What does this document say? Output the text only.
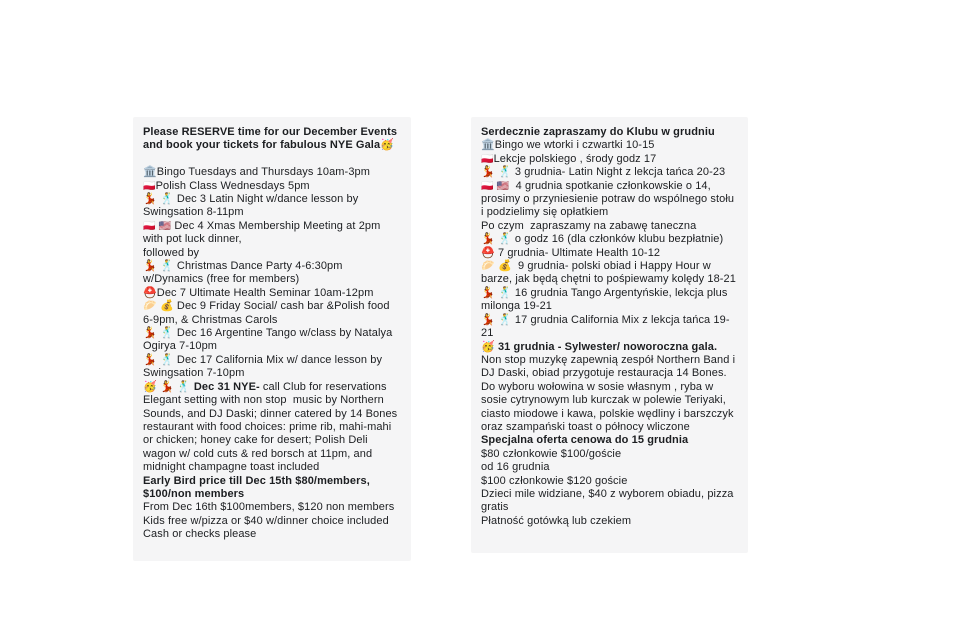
Please RESERVE time for our December Events and book your tickets for fabulous NYE Gala🥳
🏛️Bingo Tuesdays and Thursdays 10am-3pm
🇵🇱Polish Class Wednesdays 5pm
💃 🕺 Dec 3 Latin Night w/dance lesson by Swingsation 8-11pm
🇵🇱 🇺🇸 Dec 4 Xmas Membership Meeting at 2pm with pot luck dinner,
followed by
💃 🕺 Christmas Dance Party 4-6:30pm w/Dynamics (free for members)
⛑️Dec 7 Ultimate Health Seminar 10am-12pm
🥟 💰 Dec 9 Friday Social/ cash bar &Polish food 6-9pm, & Christmas Carols
💃 🕺 Dec 16 Argentine Tango w/class by Natalya Ogirya 7-10pm
💃 🕺 Dec 17 California Mix w/ dance lesson by Swingsation 7-10pm
🥳 💃 🕺 Dec 31 NYE- call Club for reservations
Elegant setting with non stop  music by Northern Sounds, and DJ Daski; dinner catered by 14 Bones restaurant with food choices: prime rib, mahi-mahi or chicken; honey cake for desert; Polish Deli wagon w/ cold cuts & red borsch at 11pm, and midnight champagne toast included
Early Bird price till Dec 15th $80/members, $100/non members
From Dec 16th $100members, $120 non members
Kids free w/pizza or $40 w/dinner choice included
Cash or checks please
Serdecznie zapraszamy do Klubu w grudniu
🏛️Bingo we wtorki i czwartki 10-15
🇵🇱Lekcje polskiego , środy godz 17
💃 🕺 3 grudnia- Latin Night z lekcja tańca 20-23
🇵🇱 🇺🇸  4 grudnia spotkanie członkowskie o 14, prosimy o przyniesienie potraw do wspólnego stołu i podzielimy się opłatkiem
Po czym  zapraszamy na zabawę taneczna
💃 🕺 o godz 16 (dla członków klubu bezpłatnie)
⛑️ 7 grudnia- Ultimate Health 10-12
🥟 💰  9 grudnia- polski obiad i Happy Hour w barze, jak będą chętni to pośpiewamy kolędy 18-21
💃 🕺 16 grudnia Tango Argentyńskie, lekcja plus milonga 19-21
💃 🕺 17 grudnia California Mix z lekcja tańca 19-21
🥳 31 grudnia - Sylwester/ noworoczna gala.
Non stop muzykę zapewnią zespół Northern Band i DJ Daski, obiad przygotuje restauracja 14 Bones.
Do wyboru wołowina w sosie własnym , ryba w sosie cytrynowym lub kurczak w polewie Teriyaki, ciasto miodowe i kawa, polskie wędliny i barszczyk oraz szampański toast o północy wliczone
Specjalna oferta cenowa do 15 grudnia
$80 członkowie $100/goście
od 16 grudnia
$100 członkowie $120 goście
Dzieci mile widziane, $40 z wyborem obiadu, pizza gratis
Płatność gotówką lub czekiem
